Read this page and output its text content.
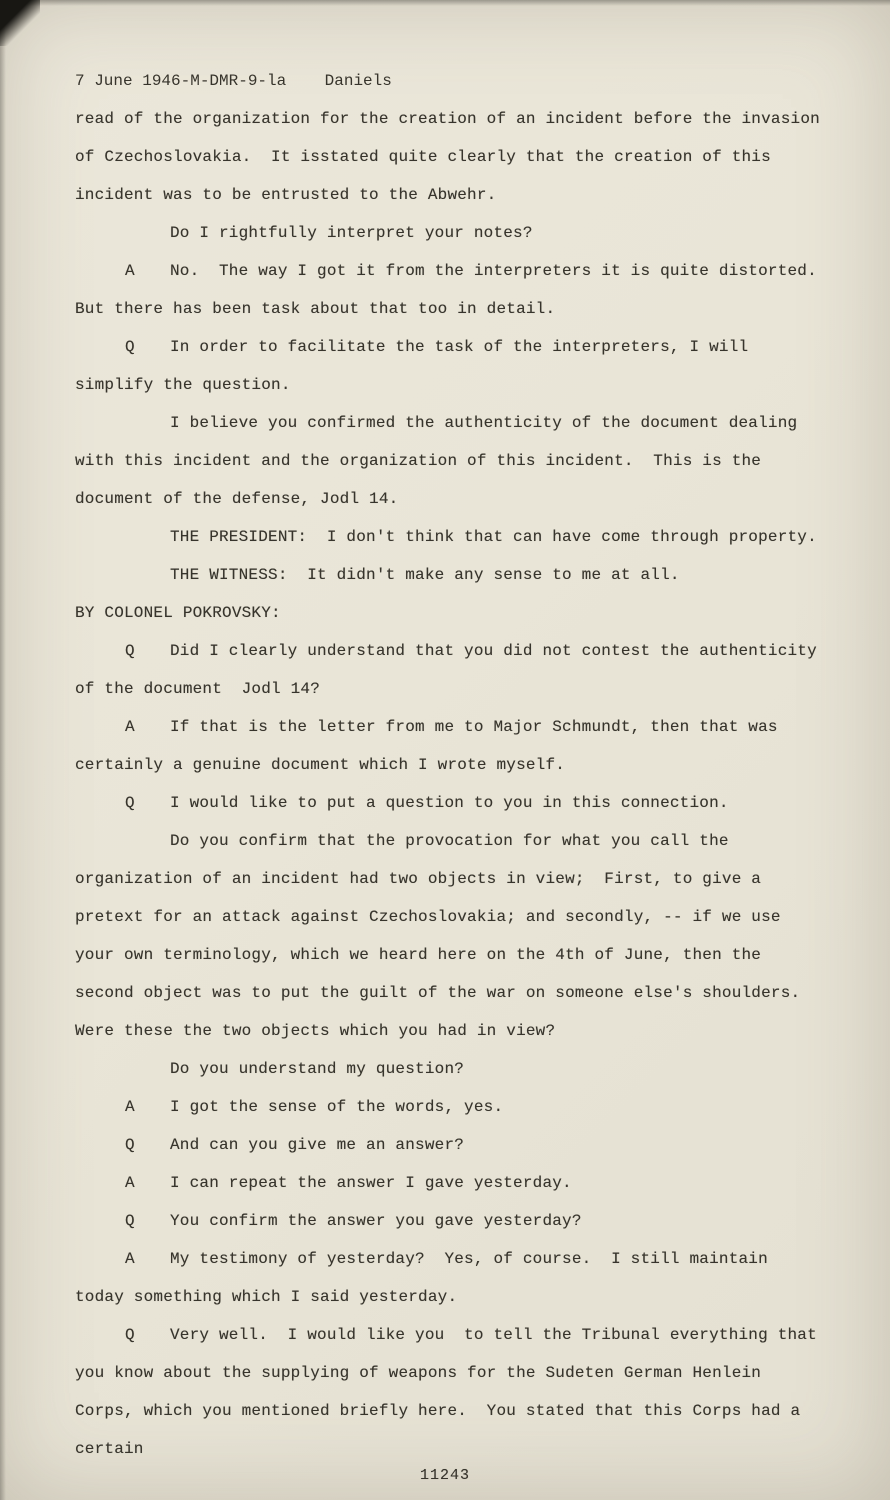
7 June 1946-M-DMR-9-la    Daniels

read of the organization for the creation of an incident before the invasion of Czechoslovakia.  It isstated quite clearly that the creation of this incident was to be entrusted to the Abwehr.

Do I rightfully interpret your notes?

A No.  The way I got it from the interpreters it is quite distorted.  But there has been task about that too in detail.

Q In order to facilitate the task of the interpreters, I will simplify the question.

I believe you confirmed the authenticity of the document dealing with this incident and the organization of this incident.  This is the document of the defense, Jodl 14.

THE PRESIDENT:  I don't think that can have come through property.

THE WITNESS:  It didn't make any sense to me at all.

BY COLONEL POKROVSKY:

Q Did I clearly understand that you did not contest the authenticity of the document  Jodl 14?

A If that is the letter from me to Major Schmundt, then that was certainly a genuine document which I wrote myself.

Q I would like to put a question to you in this connection.

Do you confirm that the provocation for what you call the organization of an incident had two objects in view;  First, to give a pretext for an attack against Czechoslovakia; and secondly, -- if we use your own terminology, which we heard here on the 4th of June, then the second object was to put the guilt of the war on someone else's shoulders.  Were these the two objects which you had in view?

Do you understand my question?

A I got the sense of the words, yes.

Q And can you give me an answer?

A I can repeat the answer I gave yesterday.

Q You confirm the answer you gave yesterday?

A My testimony of yesterday?  Yes, of course.  I still maintain today something which I said yesterday.

Q Very well.  I would like you  to tell the Tribunal everything that you know about the supplying of weapons for the Sudeten German Henlein Corps, which you mentioned briefly here.  You stated that this Corps had a certain

11243
